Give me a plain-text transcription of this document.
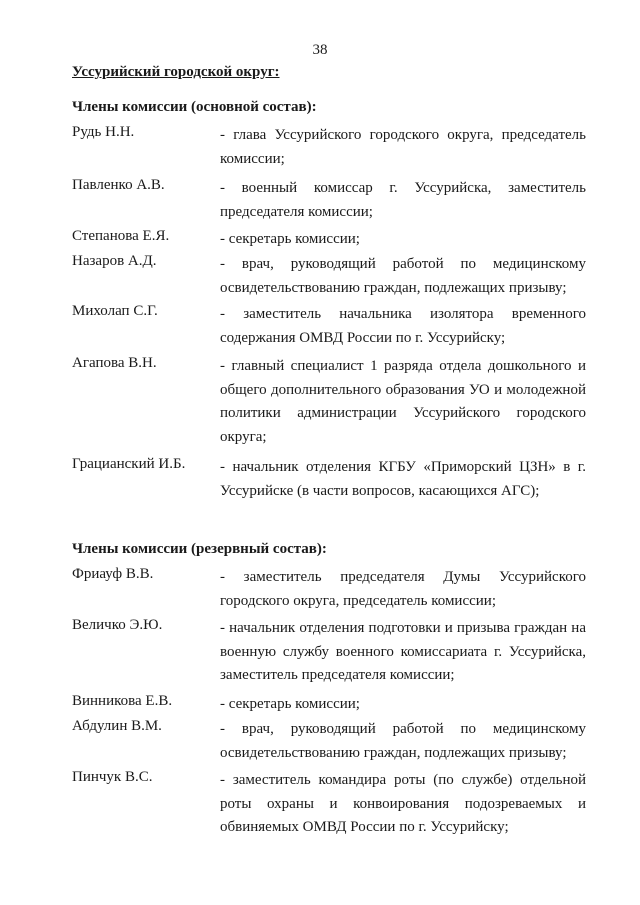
38
Уссурийский городской округ:
Члены комиссии (основной состав):
Рудь Н.Н.	- глава Уссурийского городского округа, председатель комиссии;
Павленко А.В.	- военный комиссар г. Уссурийска, заместитель председателя комиссии;
Степанова Е.Я.	- секретарь комиссии;
Назаров А.Д.	- врач, руководящий работой по медицинскому освидетельствованию граждан, подлежащих призыву;
Михолап С.Г.	- заместитель начальника изолятора временного содержания ОМВД России по г. Уссурийску;
Агапова В.Н.	- главный специалист 1 разряда отдела дошкольного и общего дополнительного образования УО и молодежной политики администрации Уссурийского городского округа;
Грацианский И.Б. - начальник отделения КГБУ «Приморский ЦЗН» в г. Уссурийске (в части вопросов, касающихся АГС);
Члены комиссии (резервный состав):
Фриауф В.В.	- заместитель председателя Думы Уссурийского городского округа, председатель комиссии;
Величко Э.Ю.	- начальник отделения подготовки и призыва граждан на военную службу военного комиссариата г. Уссурийска, заместитель председателя комиссии;
Винникова Е.В.	- секретарь комиссии;
Абдулин В.М.	- врач, руководящий работой по медицинскому освидетельствованию граждан, подлежащих призыву;
Пинчук В.С.	- заместитель командира роты (по службе) отдельной роты охраны и конвоирования подозреваемых и обвиняемых ОМВД России по г. Уссурийску;
